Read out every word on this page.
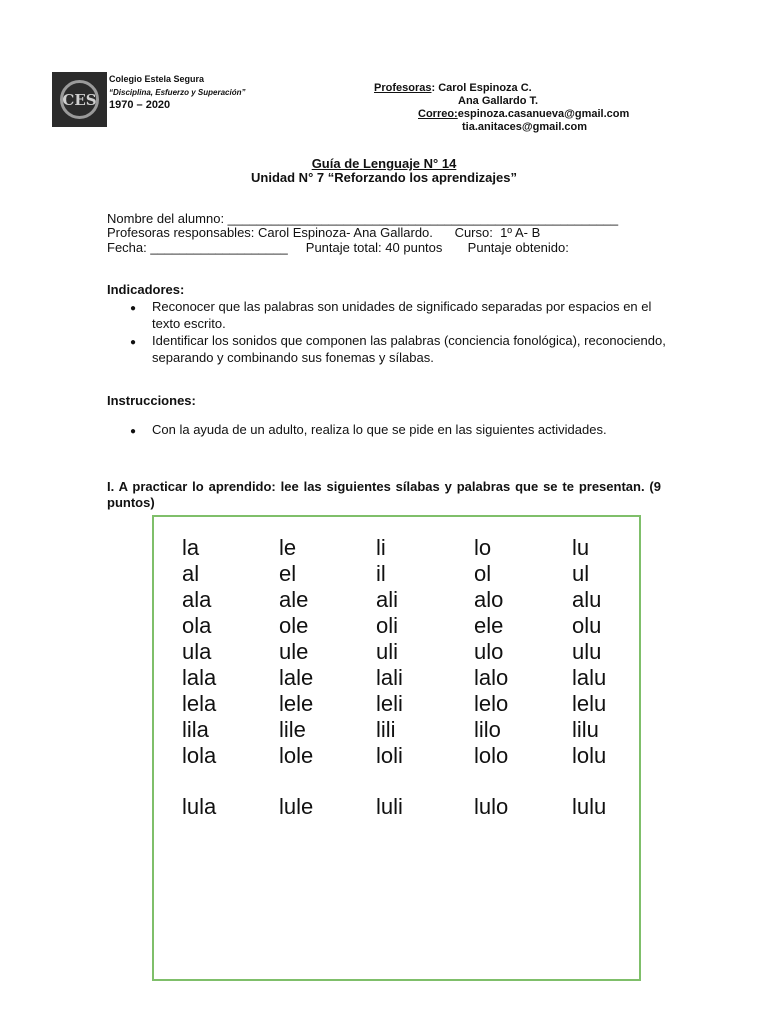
CES
Colegio Estela Segura
“Disciplina, Esfuerzo y Superación”
1970 – 2020
Profesoras: Carol Espinoza C.
Ana Gallardo T.
Correo:espinoza.casanueva@gmail.com
tia.anitaces@gmail.com
Guía de Lenguaje N° 14
Unidad N° 7 “Reforzando los aprendizajes”
Nombre del alumno: ______________________________________________________
Profesoras responsables: Carol Espinoza- Ana Gallardo.      Curso:  1º A- B
Fecha: ___________________     Puntaje total: 40 puntos       Puntaje obtenido:
Indicadores:
● Reconocer que las palabras son unidades de significado separadas por espacios en el texto escrito.
● Identificar los sonidos que componen las palabras (conciencia fonológica), reconociendo, separando y combinando sus fonemas y sílabas.
Instrucciones:
● Con la ayuda de un adulto, realiza lo que se pide en las siguientes actividades.
I. A practicar lo aprendido: lee las siguientes sílabas y palabras que se te presentan. (9 puntos)
la	le	li	lo	lu
al	el	il	ol	ul
ala	ale	ali	alo	alu
ola	ole	oli	ele	olu
ula	ule	uli	ulo	ulu
lala	lale	lali	lalo	lalu
lela	lele	leli	lelo	lelu
lila	lile	lili	lilo	lilu
lola	lole	loli	lolo	lolu
lula	lule	luli	lulo	lulu
